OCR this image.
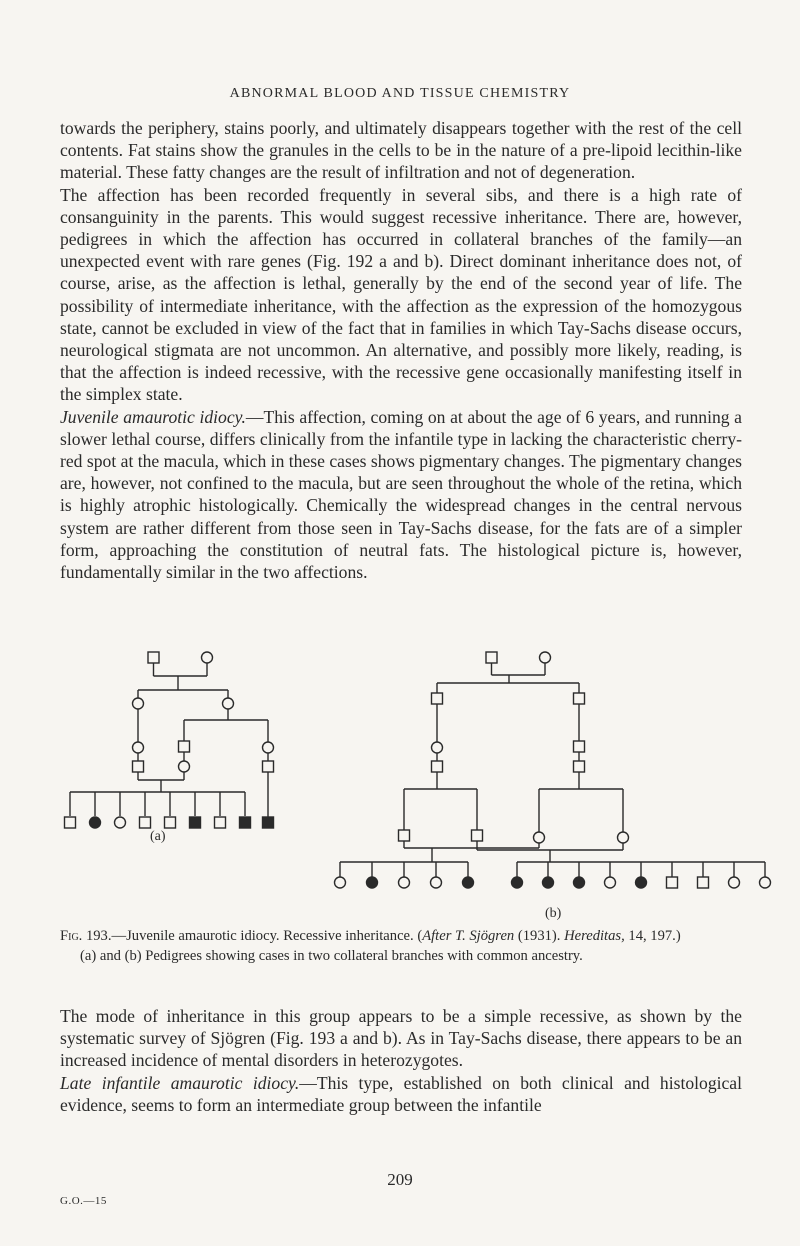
ABNORMAL BLOOD AND TISSUE CHEMISTRY

towards the periphery, stains poorly, and ultimately disappears together with the rest of the cell contents. Fat stains show the granules in the cells to be in the nature of a pre-lipoid lecithin-like material. These fatty changes are the result of infiltration and not of degeneration.

The affection has been recorded frequently in several sibs, and there is a high rate of consanguinity in the parents. This would suggest recessive inheritance. There are, however, pedigrees in which the affection has occurred in collateral branches of the family—an unexpected event with rare genes (Fig. 192 a and b). Direct dominant inheritance does not, of course, arise, as the affection is lethal, generally by the end of the second year of life. The possibility of intermediate inheritance, with the affection as the expression of the homozygous state, cannot be excluded in view of the fact that in families in which Tay-Sachs disease occurs, neurological stigmata are not uncommon. An alternative, and possibly more likely, reading, is that the affection is indeed recessive, with the recessive gene occasionally manifesting itself in the simplex state.

Juvenile amaurotic idiocy.—This affection, coming on at about the age of 6 years, and running a slower lethal course, differs clinically from the infantile type in lacking the characteristic cherry-red spot at the macula, which in these cases shows pigmentary changes. The pigmentary changes are, however, not confined to the macula, but are seen throughout the whole of the retina, which is highly atrophic histologically. Chemically the widespread changes in the central nervous system are rather different from those seen in Tay-Sachs disease, for the fats are of a simpler form, approaching the constitution of neutral fats. The histological picture is, however, fundamentally similar in the two affections.

(a)
(b)

Fig. 193.—Juvenile amaurotic idiocy. Recessive inheritance. (After T. Sjögren (1931). Hereditas, 14, 197.)

(a) and (b) Pedigrees showing cases in two collateral branches with common ancestry.

The mode of inheritance in this group appears to be a simple recessive, as shown by the systematic survey of Sjögren (Fig. 193 a and b). As in Tay-Sachs disease, there appears to be an increased incidence of mental disorders in heterozygotes.

Late infantile amaurotic idiocy.—This type, established on both clinical and histological evidence, seems to form an intermediate group between the infantile

209
G.O.—15
